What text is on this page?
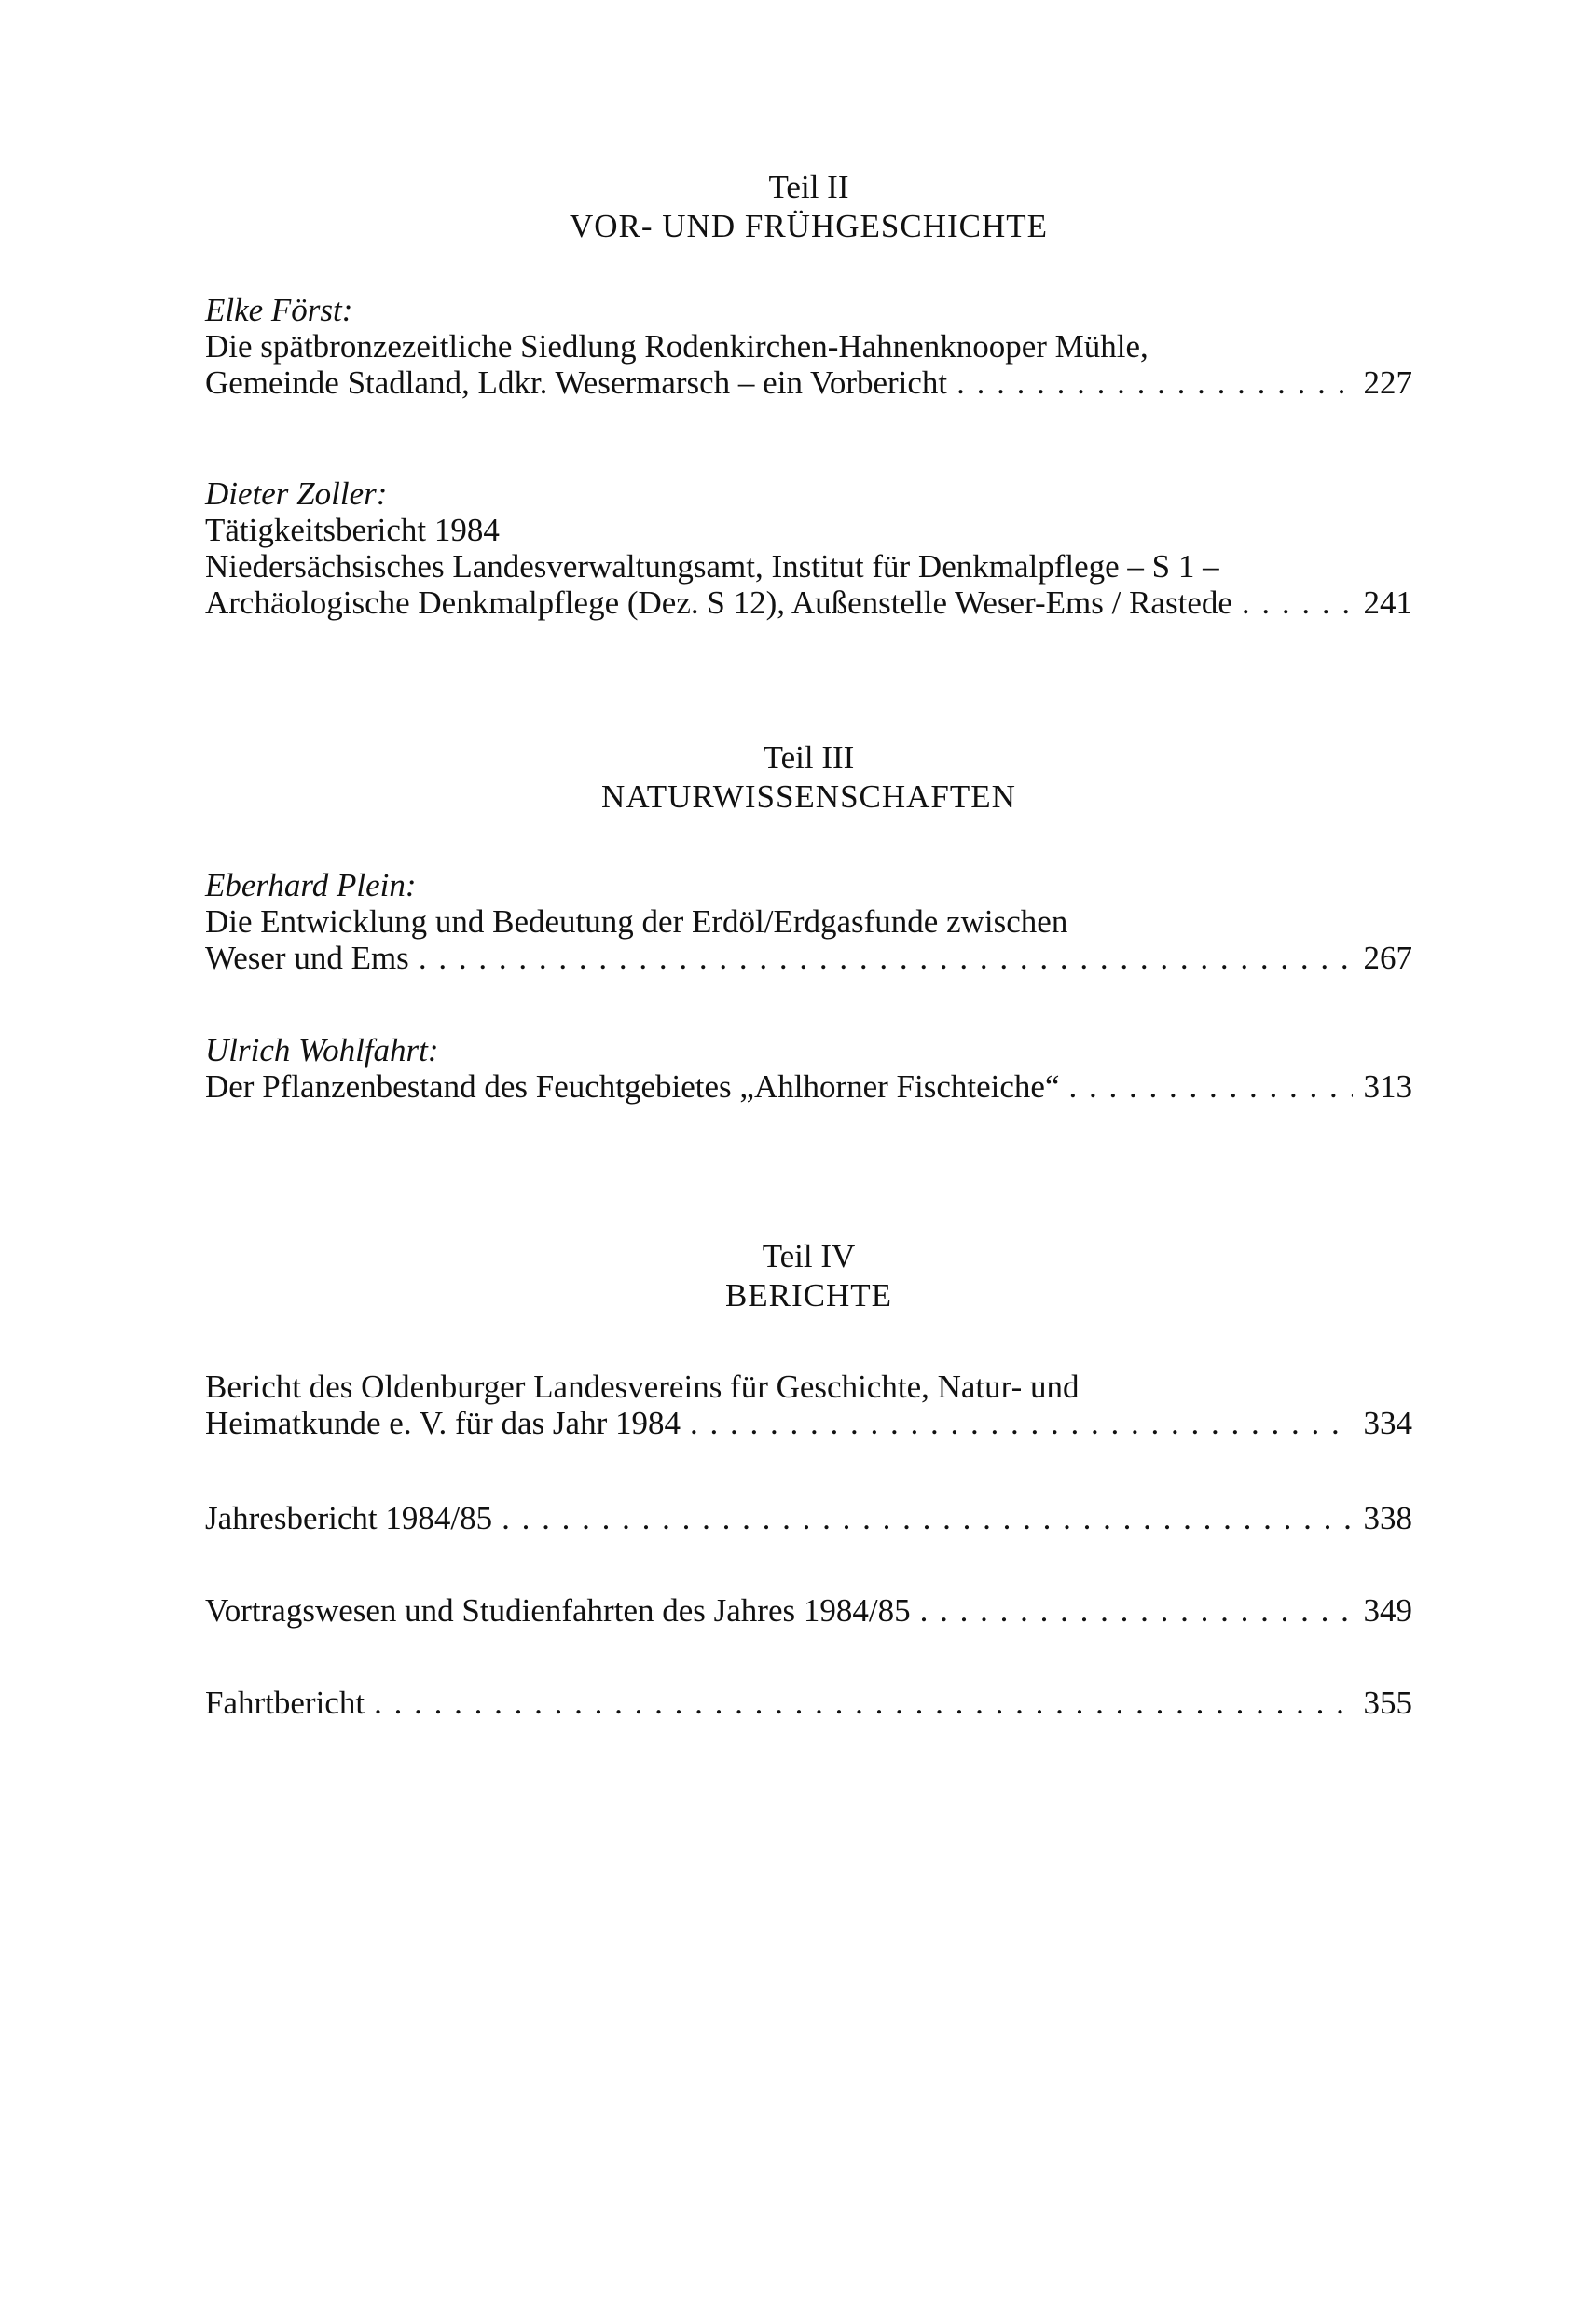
Teil II
VOR- UND FRÜHGESCHICHTE
Elke Först:
Die spätbronzezeitliche Siedlung Rodenkirchen-Hahnenknooper Mühle,
Gemeinde Stadland, Ldkr. Wesermarsch – ein Vorbericht . . .	227
Dieter Zoller:
Tätigkeitsbericht 1984
Niedersächsisches Landesverwaltungsamt, Institut für Denkmalpflege – S 1 –
Archäologische Denkmalpflege (Dez. S 12), Außenstelle Weser-Ems / Rastede . . .	241
Teil III
NATURWISSENSCHAFTEN
Eberhard Plein:
Die Entwicklung und Bedeutung der Erdöl/Erdgasfunde zwischen
Weser und Ems . . .	267
Ulrich Wohlfahrt:
Der Pflanzenbestand des Feuchtgebietes „Ahlhorner Fischteiche“ . . .	313
Teil IV
BERICHTE
Bericht des Oldenburger Landesvereins für Geschichte, Natur- und
Heimatkunde e. V. für das Jahr 1984 . . .	334
Jahresbericht 1984/85 . . .	338
Vortragswesen und Studienfahrten des Jahres 1984/85 . . .	349
Fahrtbericht . . .	355
